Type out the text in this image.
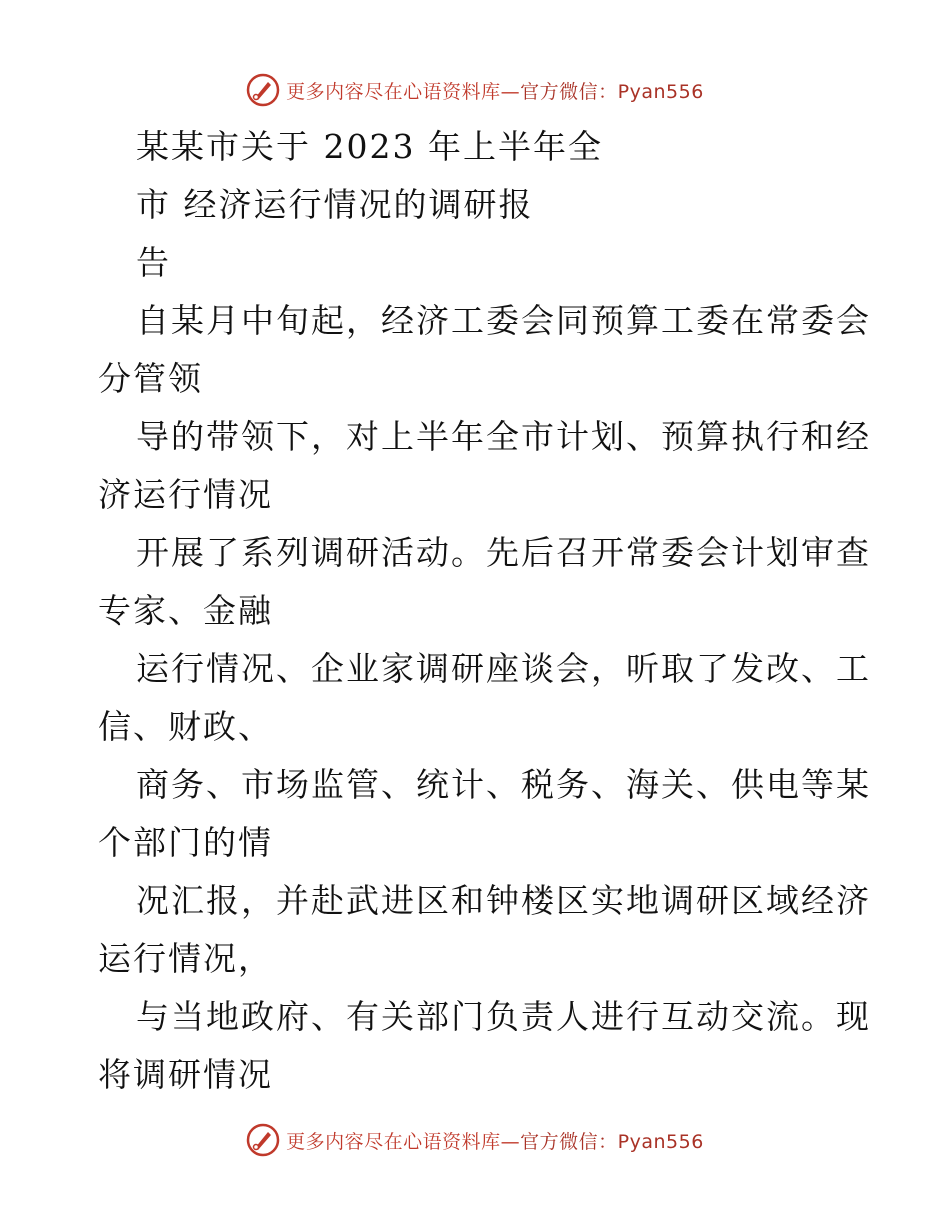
更多内容尽在心语资料库—官方微信：Pyan556
某某市关于 2023 年上半年全
市 经济运行情况的调研报
告
自某月中旬起，经济工委会同预算工委在常委会
分管领
导的带领下，对上半年全市计划、预算执行和经
济运行情况
开展了系列调研活动。先后召开常委会计划审查
专家、金融
运行情况、企业家调研座谈会，听取了发改、工
信、财政、
商务、市场监管、统计、税务、海关、供电等某
个部门的情
况汇报，并赴武进区和钟楼区实地调研区域经济
运行情况，
与当地政府、有关部门负责人进行互动交流。现
将调研情况
更多内容尽在心语资料库—官方微信：Pyan556
